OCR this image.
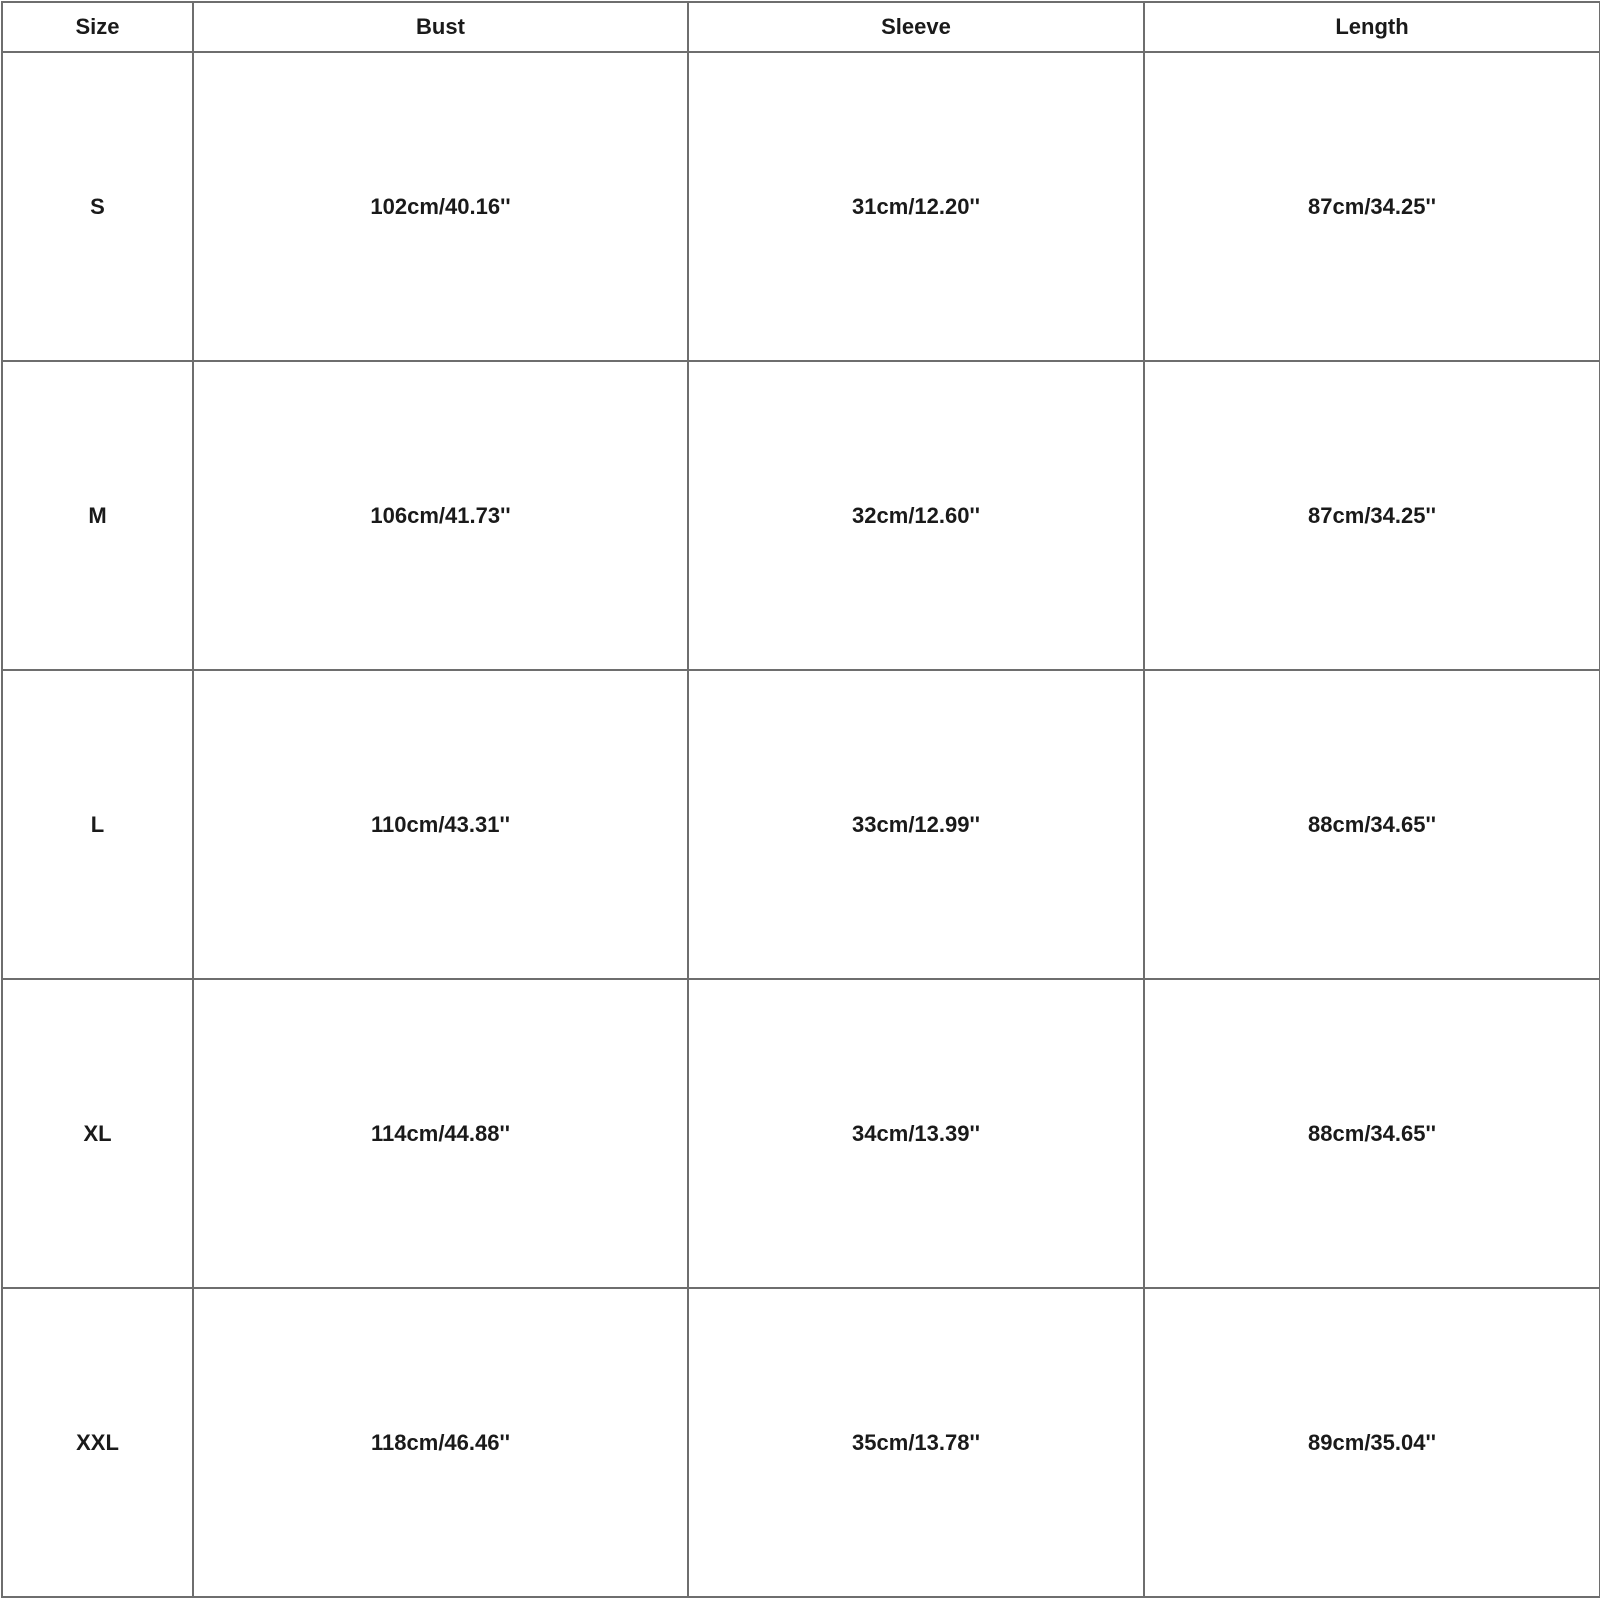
Size	Bust	Sleeve	Length
S	102cm/40.16''	31cm/12.20''	87cm/34.25''
M	106cm/41.73''	32cm/12.60''	87cm/34.25''
L	110cm/43.31''	33cm/12.99''	88cm/34.65''
XL	114cm/44.88''	34cm/13.39''	88cm/34.65''
XXL	118cm/46.46''	35cm/13.78''	89cm/35.04''
